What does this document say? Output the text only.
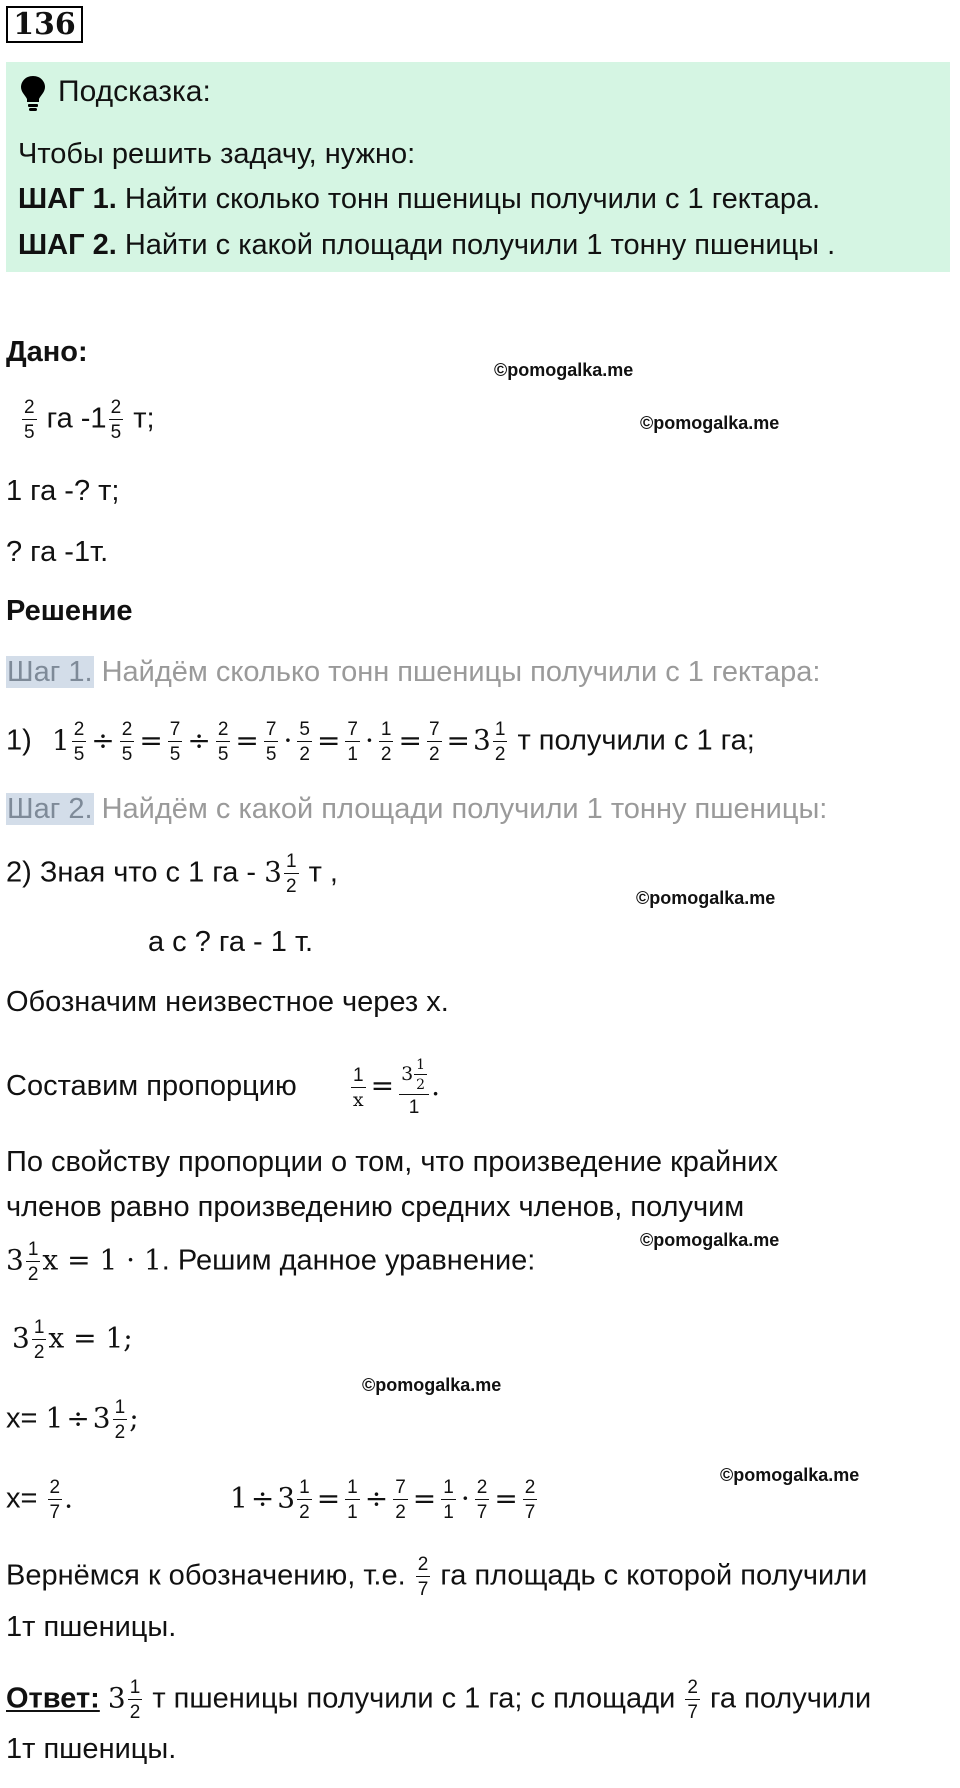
136
Подсказка:
Чтобы решить задачу, нужно:
ШАГ 1. Найти сколько тонн пшеницы получили с 1 гектара.
ШАГ 2. Найти с какой площади получили 1 тонну пшеницы .
Дано:
$\frac{2}{5}$ га $-1 \frac{2}{5} т$;
1 га -? т;
? га -1т.
Решение
Шаг 1. Найдём сколько тонн пшеницы получили с 1 гектара:
1) $1 \frac{2}{5} \div \frac{2}{5} = \frac{7}{5} \div \frac{2}{5} = \frac{7}{5} \cdot \frac{5}{2} = \frac{7}{1} \cdot \frac{1}{2} = \frac{7}{2} = 3 \frac{1}{2}$ т получили с 1 га;
Шаг 2. Найдём с какой площади получили 1 тонну пшеницы:
2) Зная что с 1 га - $3 \frac{1}{2}$ т ,
а с ? га - 1 т.
Обозначим неизвестное через x.
Составим пропорцию	$\frac{1}{x} = \frac{3 \frac{1}{2}}{1}$ .
По свойству пропорции о том, что произведение крайних
членов равно произведению средних членов, получим
$3 \frac{1}{2}$ x = 1 · 1. Решим данное уравнение:
$3 \frac{1}{2}$ x = 1;
$x= 1 \div 3 \frac{1}{2}$ ;
$x= \frac{2}{7}$ .	$1 \div 3 \frac{1}{2} = \frac{1}{1} \div \frac{7}{2} = \frac{1}{1} \cdot \frac{2}{7} = \frac{2}{7}$
Вернёмся к обозначению, т.е. $\frac{2}{7}$ га площадь с которой получили
1т пшеницы.
Ответ: $3 \frac{1}{2}$ т пшеницы получили с 1 га; с площади $\frac{2}{7}$ га получили
1т пшеницы.
©pomogalka.me
©pomogalka.me
©pomogalka.me
©pomogalka.me
©pomogalka.me
©pomogalka.me
